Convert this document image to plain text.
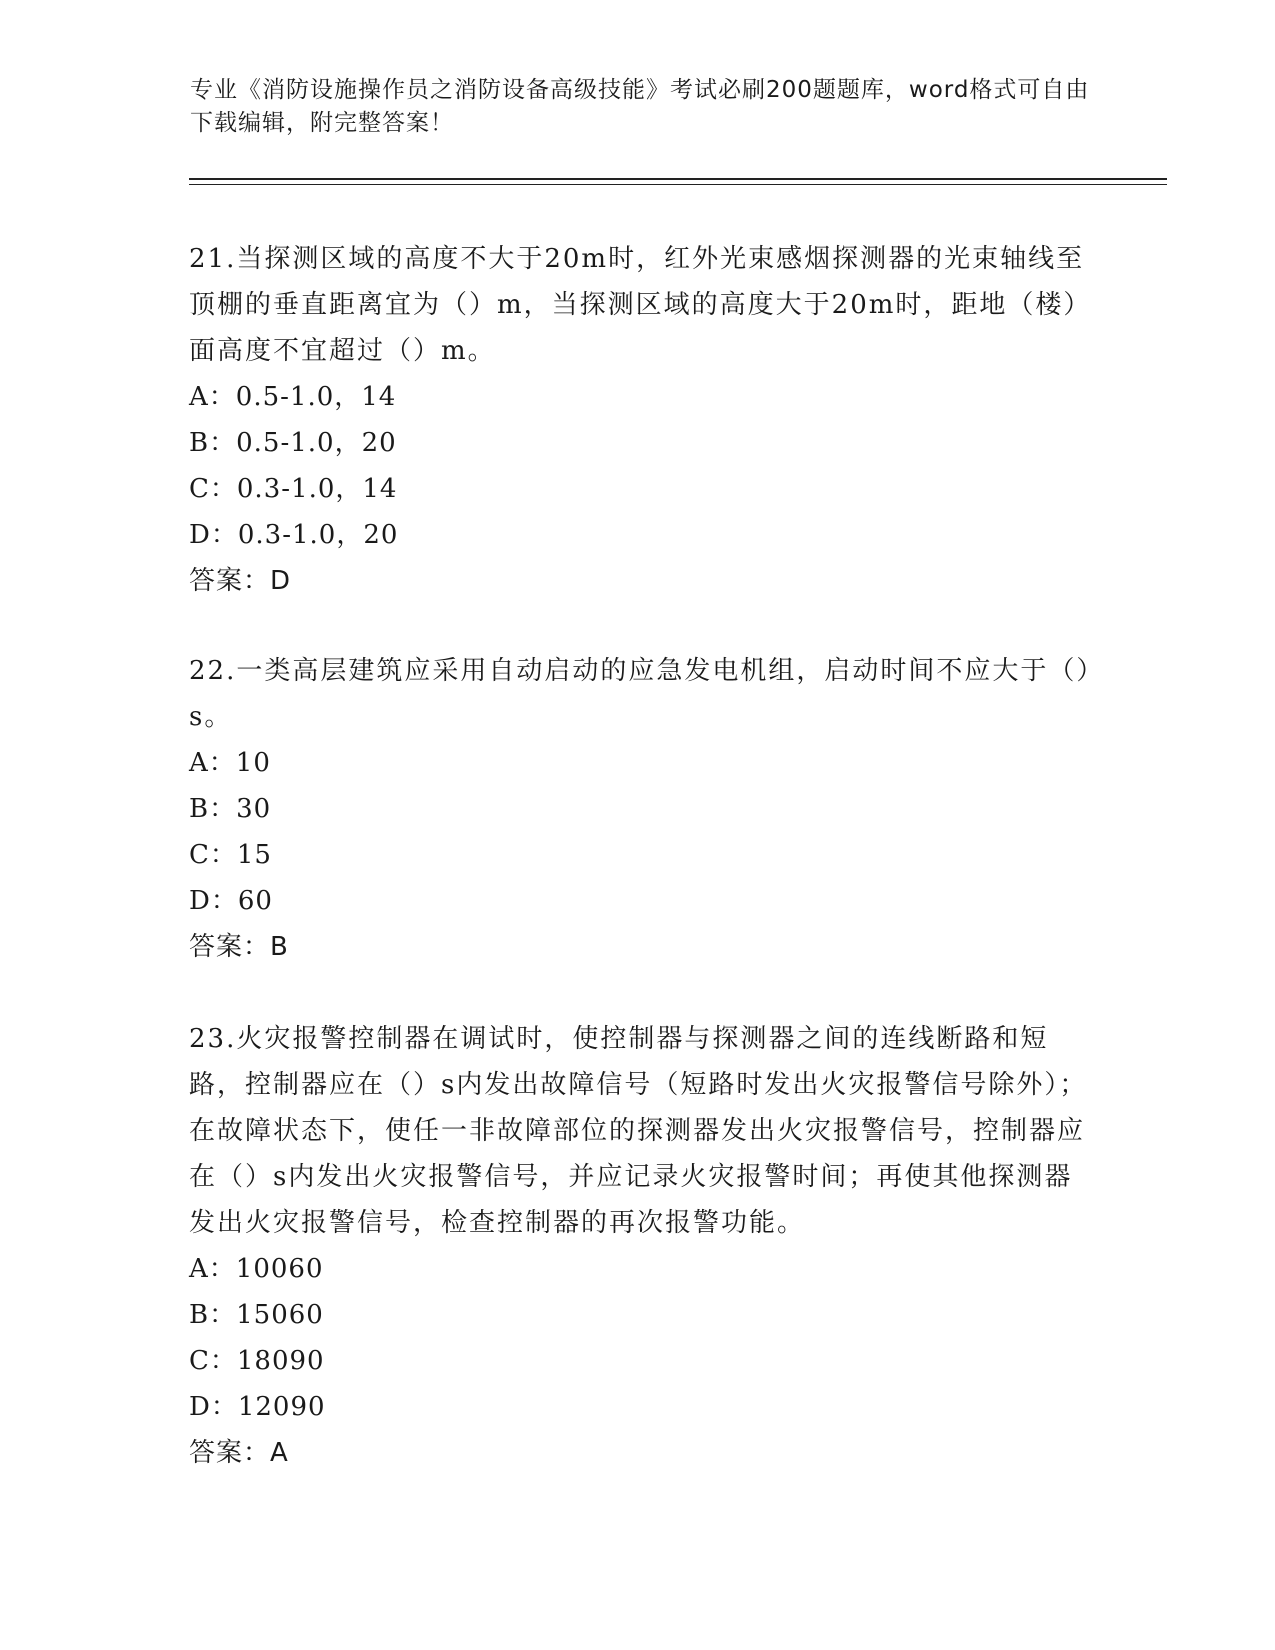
专业《消防设施操作员之消防设备高级技能》考试必刷200题题库，word格式可自由下载编辑，附完整答案！

21.当探测区域的高度不大于20m时，红外光束感烟探测器的光束轴线至顶棚的垂直距离宜为（）m，当探测区域的高度大于20m时，距地（楼）面高度不宜超过（）m。

A：0.5-1.0，14
B：0.5-1.0，20
C：0.3-1.0，14
D：0.3-1.0，20
答案：D

22.一类高层建筑应采用自动启动的应急发电机组，启动时间不应大于（）s。

A：10
B：30
C：15
D：60
答案：B

23.火灾报警控制器在调试时，使控制器与探测器之间的连线断路和短路，控制器应在（）s内发出故障信号（短路时发出火灾报警信号除外）；在故障状态下，使任一非故障部位的探测器发出火灾报警信号，控制器应在（）s内发出火灾报警信号，并应记录火灾报警时间；再使其他探测器发出火灾报警信号，检查控制器的再次报警功能。

A：10060
B：15060
C：18090
D：12090
答案：A
